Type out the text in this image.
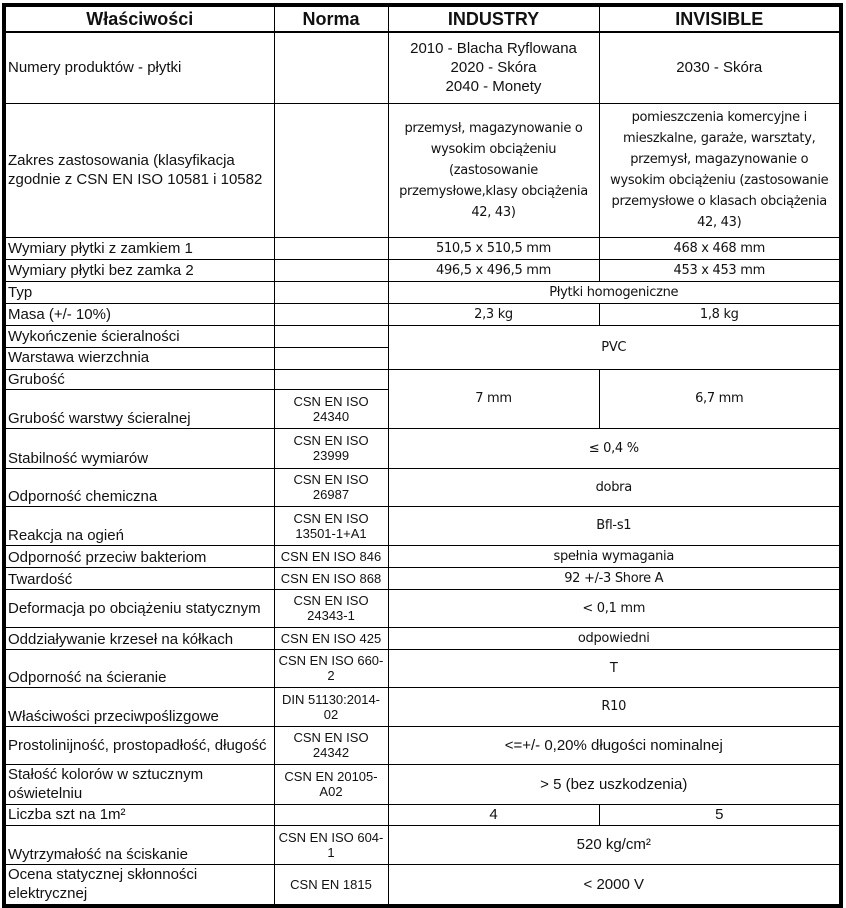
Właściwości	Norma	INDUSTRY	INVISIBLE
Numery produktów - płytki		2010 - Blacha Ryflowana
2020 - Skóra
2040 - Monety	2030 - Skóra
Zakres zastosowania (klasyfikacja zgodnie z CSN EN ISO 10581 i 10582		przemysł, magazynowanie o wysokim obciążeniu (zastosowanie przemysłowe,klasy obciążenia 42, 43)	pomieszczenia komercyjne i mieszkalne, garaże, warsztaty, przemysł, magazynowanie o wysokim obciążeniu (zastosowanie przemysłowe o klasach obciążenia 42, 43)
Wymiary płytki z zamkiem 1		510,5 x 510,5 mm	468 x 468 mm
Wymiary płytki bez zamka 2		496,5 x 496,5 mm	453 x 453 mm
Typ		Płytki homogeniczne	
Masa (+/- 10%)		2,3 kg	1,8 kg
Wykończenie ścieralności		PVC	
Warstawa wierzchnia			
Grubość		7 mm	6,7 mm
Grubość warstwy ścieralnej	CSN EN ISO 24340		
Stabilność wymiarów	CSN EN ISO 23999	≤ 0,4 %	
Odporność chemiczna	CSN EN ISO 26987	dobra	
Reakcja na ogień	CSN EN ISO 13501-1+A1	Bfl-s1	
Odporność przeciw bakteriom	CSN EN ISO 846	spełnia wymagania	
Twardość	CSN EN ISO 868	92 +/-3 Shore A	
Deformacja po obciążeniu statycznym	CSN EN ISO 24343-1	< 0,1 mm	
Oddziaływanie krzeseł na kółkach	CSN EN ISO 425	odpowiedni	
Odporność na ścieranie	CSN EN ISO 660-2	T	
Właściwości przeciwpoślizgowe	DIN 51130:2014-02	R10	
Prostolinijność, prostopadłość, długość	CSN EN ISO 24342	<=+/- 0,20% długości nominalnej	
Stałość kolorów w sztucznym oświetelniu	CSN EN 20105-A02	> 5 (bez uszkodzenia)	
Liczba szt na 1m²		4	5
Wytrzymałość na ściskanie	CSN EN ISO 604-1	520 kg/cm²	
Ocena statycznej skłonności elektrycznej	CSN EN 1815	< 2000 V	
